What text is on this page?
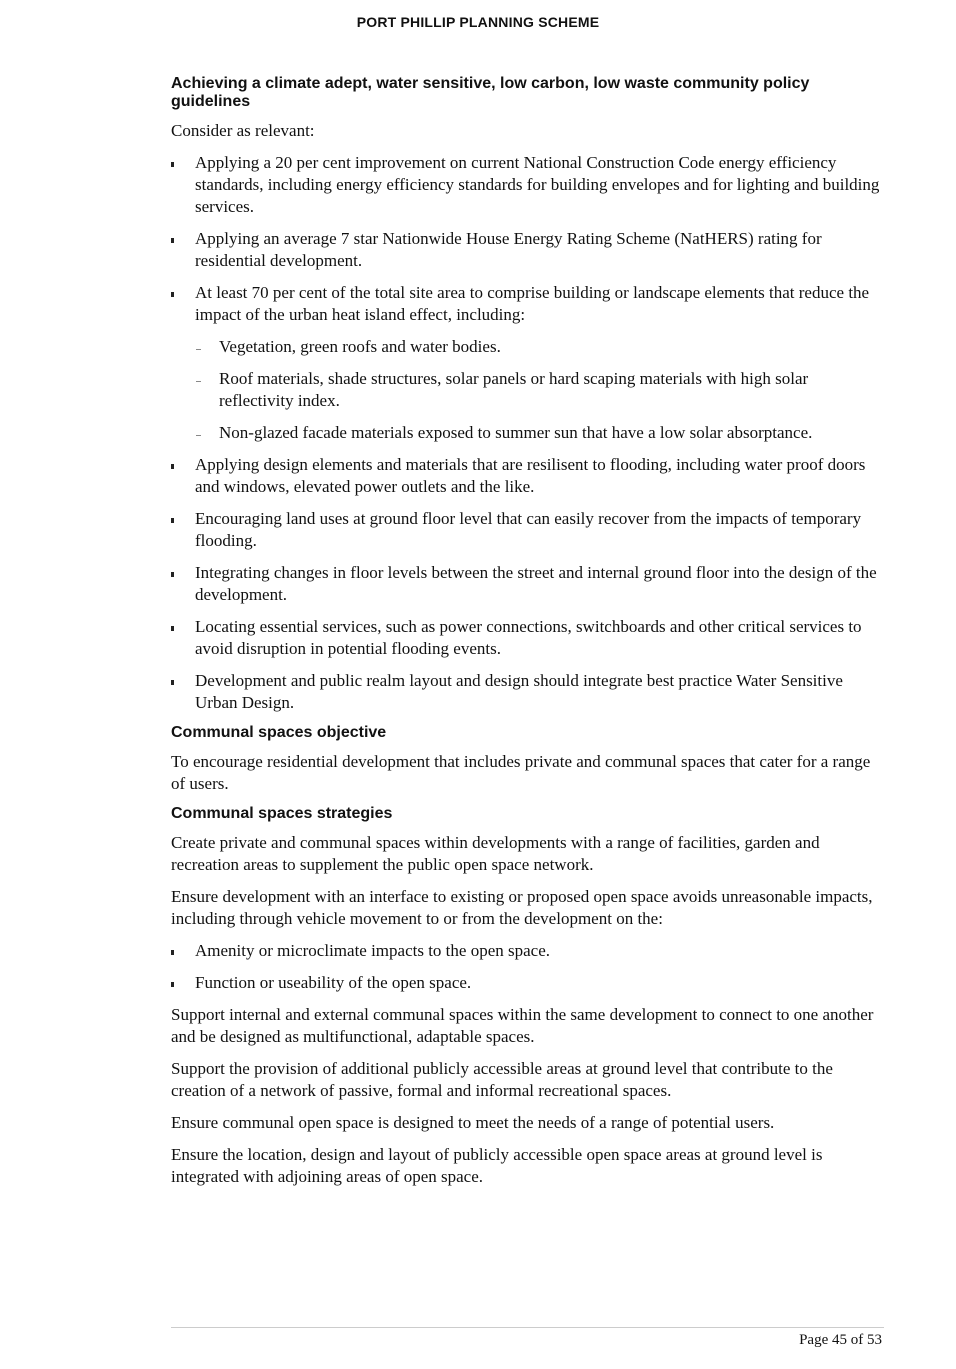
PORT PHILLIP PLANNING SCHEME
Achieving a climate adept, water sensitive, low carbon, low waste community policy guidelines

Consider as relevant:

Applying a 20 per cent improvement on current National Construction Code energy efficiency standards, including energy efficiency standards for building envelopes and for lighting and building services.
Applying an average 7 star Nationwide House Energy Rating Scheme (NatHERS) rating for residential development.
At least 70 per cent of the total site area to comprise building or landscape elements that reduce the impact of the urban heat island effect, including:
Vegetation, green roofs and water bodies.
Roof materials, shade structures, solar panels or hard scaping materials with high solar reflectivity index.
Non-glazed facade materials exposed to summer sun that have a low solar absorptance.
Applying design elements and materials that are resilisent to flooding, including water proof doors and windows, elevated power outlets and the like.
Encouraging land uses at ground floor level that can easily recover from the impacts of temporary flooding.
Integrating changes in floor levels between the street and internal ground floor into the design of the development.
Locating essential services, such as power connections, switchboards and other critical services to avoid disruption in potential flooding events.
Development and public realm layout and design should integrate best practice Water Sensitive Urban Design.
Communal spaces objective

To encourage residential development that includes private and communal spaces that cater for a range of users.

Communal spaces strategies

Create private and communal spaces within developments with a range of facilities, garden and recreation areas to supplement the public open space network.

Ensure development with an interface to existing or proposed open space avoids unreasonable impacts, including through vehicle movement to or from the development on the:

Amenity or microclimate impacts to the open space.
Function or useability of the open space.

Support internal and external communal spaces within the same development to connect to one another and be designed as multifunctional, adaptable spaces.

Support the provision of additional publicly accessible areas at ground level that contribute to the creation of a network of passive, formal and informal recreational spaces.

Ensure communal open space is designed to meet the needs of a range of potential users.

Ensure the location, design and layout of publicly accessible open space areas at ground level is integrated with adjoining areas of open space.

Page 45 of 53
